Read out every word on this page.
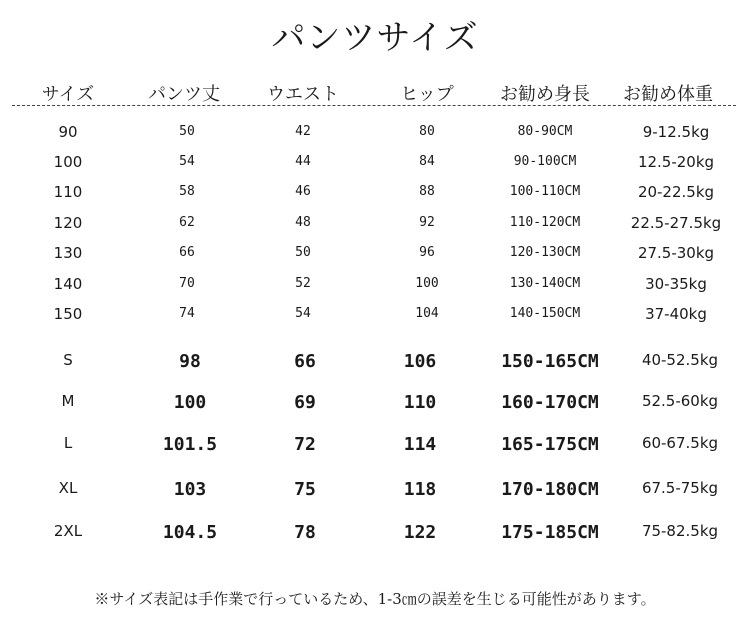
パンツサイズ
サイズ	パンツ丈	ウエスト	ヒップ	お勧め身長	お勧め体重
90	50	42	80	80-90CM	9-12.5kg
100	54	44	84	90-100CM	12.5-20kg
110	58	46	88	100-110CM	20-22.5kg
120	62	48	92	110-120CM	22.5-27.5kg
130	66	50	96	120-130CM	27.5-30kg
140	70	52	100	130-140CM	30-35kg
150	74	54	104	140-150CM	37-40kg
S	98	66	106	150-165CM	40-52.5kg
M	100	69	110	160-170CM	52.5-60kg
L	101.5	72	114	165-175CM	60-67.5kg
XL	103	75	118	170-180CM	67.5-75kg
2XL	104.5	78	122	175-185CM	75-82.5kg
※サイズ表記は手作業で行っているため、1-3㎝の誤差を生じる可能性があります。
